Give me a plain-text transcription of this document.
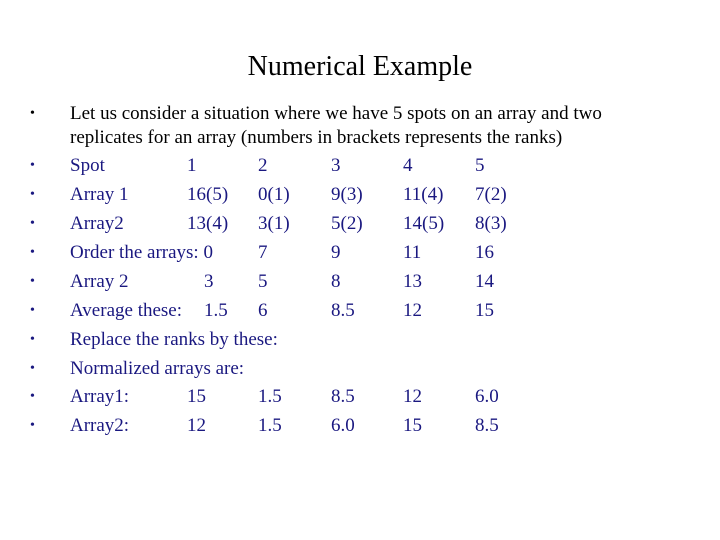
Numerical Example
• Let us consider a situation where we have 5 spots on an array and two
replicates for an array (numbers in brackets represents the ranks)
• Spot	1	2	3	4	5
• Array 1	16(5) 0(1) 9(3) 11(4) 7(2)
• Array2	13(4) 3(1) 5(2) 14(5) 8(3)
• Order the arrays: 0 7	9	11	16
• Array 2	3 5	8	13	14
• Average these: 1.5 6	8.5	12	15
• Replace the ranks by these:
• Normalized arrays are:
• Array1:	15	1.5	8.5	12	6.0
• Array2:	12	1.5	6.0	15	8.5
